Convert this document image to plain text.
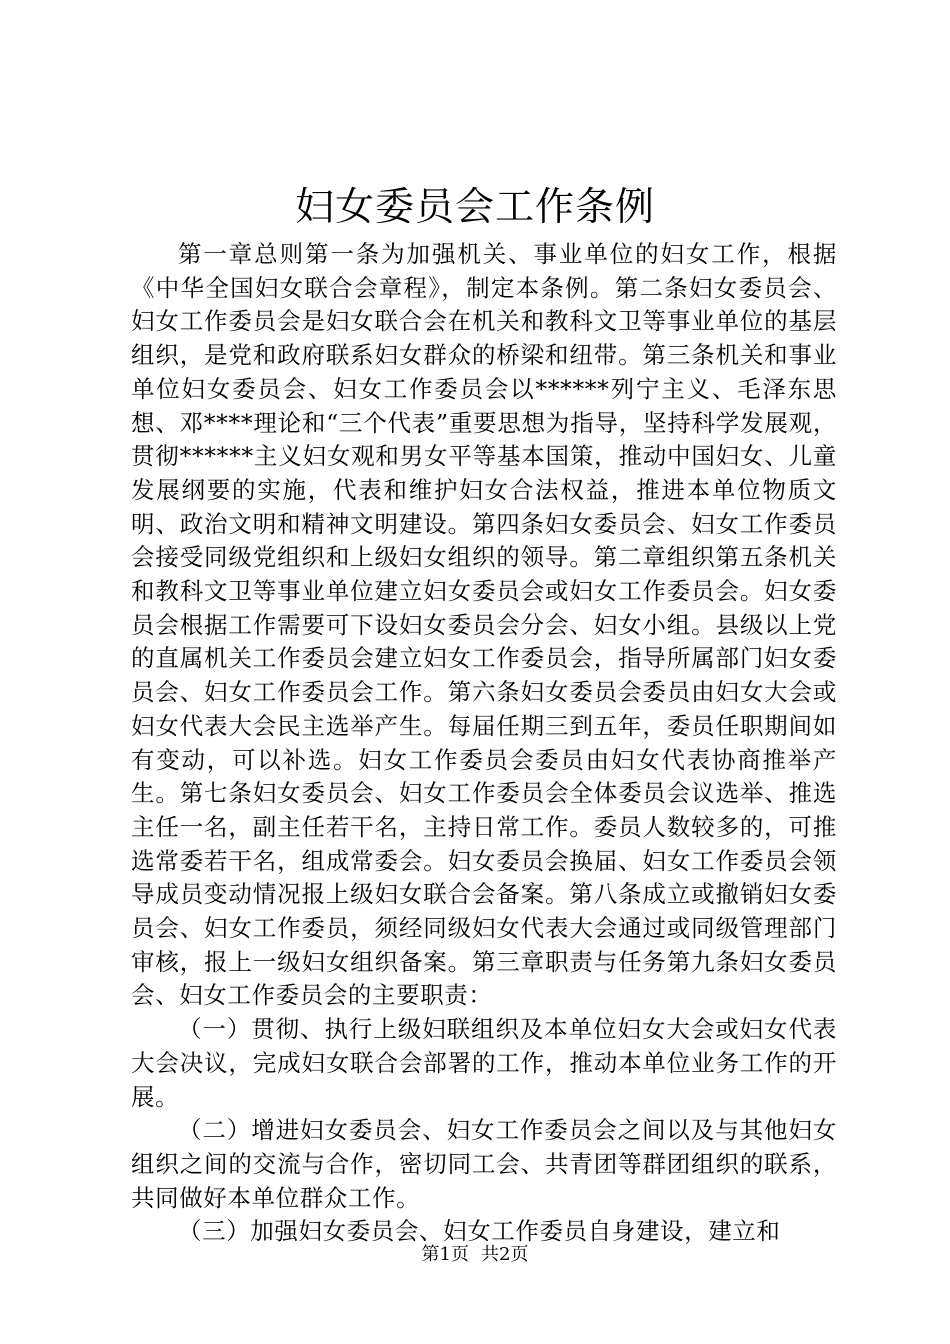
妇女委员会工作条例

第一章总则第一条为加强机关、事业单位的妇女工作，根据《中华全国妇女联合会章程》，制定本条例。第二条妇女委员会、妇女工作委员会是妇女联合会在机关和教科文卫等事业单位的基层组织，是党和政府联系妇女群众的桥梁和纽带。第三条机关和事业单位妇女委员会、妇女工作委员会以******列宁主义、毛泽东思想、邓****理论和“三个代表”重要思想为指导，坚持科学发展观，贯彻******主义妇女观和男女平等基本国策，推动中国妇女、儿童发展纲要的实施，代表和维护妇女合法权益，推进本单位物质文明、政治文明和精神文明建设。第四条妇女委员会、妇女工作委员会接受同级党组织和上级妇女组织的领导。第二章组织第五条机关和教科文卫等事业单位建立妇女委员会或妇女工作委员会。妇女委员会根据工作需要可下设妇女委员会分会、妇女小组。县级以上党的直属机关工作委员会建立妇女工作委员会，指导所属部门妇女委员会、妇女工作委员会工作。第六条妇女委员会委员由妇女大会或妇女代表大会民主选举产生。每届任期三到五年，委员任职期间如有变动，可以补选。妇女工作委员会委员由妇女代表协商推举产生。第七条妇女委员会、妇女工作委员会全体委员会议选举、推选主任一名，副主任若干名，主持日常工作。委员人数较多的，可推选常委若干名，组成常委会。妇女委员会换届、妇女工作委员会领导成员变动情况报上级妇女联合会备案。第八条成立或撤销妇女委员会、妇女工作委员，须经同级妇女代表大会通过或同级管理部门审核，报上一级妇女组织备案。第三章职责与任务第九条妇女委员会、妇女工作委员会的主要职责：

（一）贯彻、执行上级妇联组织及本单位妇女大会或妇女代表大会决议，完成妇女联合会部署的工作，推动本单位业务工作的开展。

（二）增进妇女委员会、妇女工作委员会之间以及与其他妇女组织之间的交流与合作，密切同工会、共青团等群团组织的联系，共同做好本单位群众工作。

（三）加强妇女委员会、妇女工作委员自身建设，建立和

第1页 共2页
